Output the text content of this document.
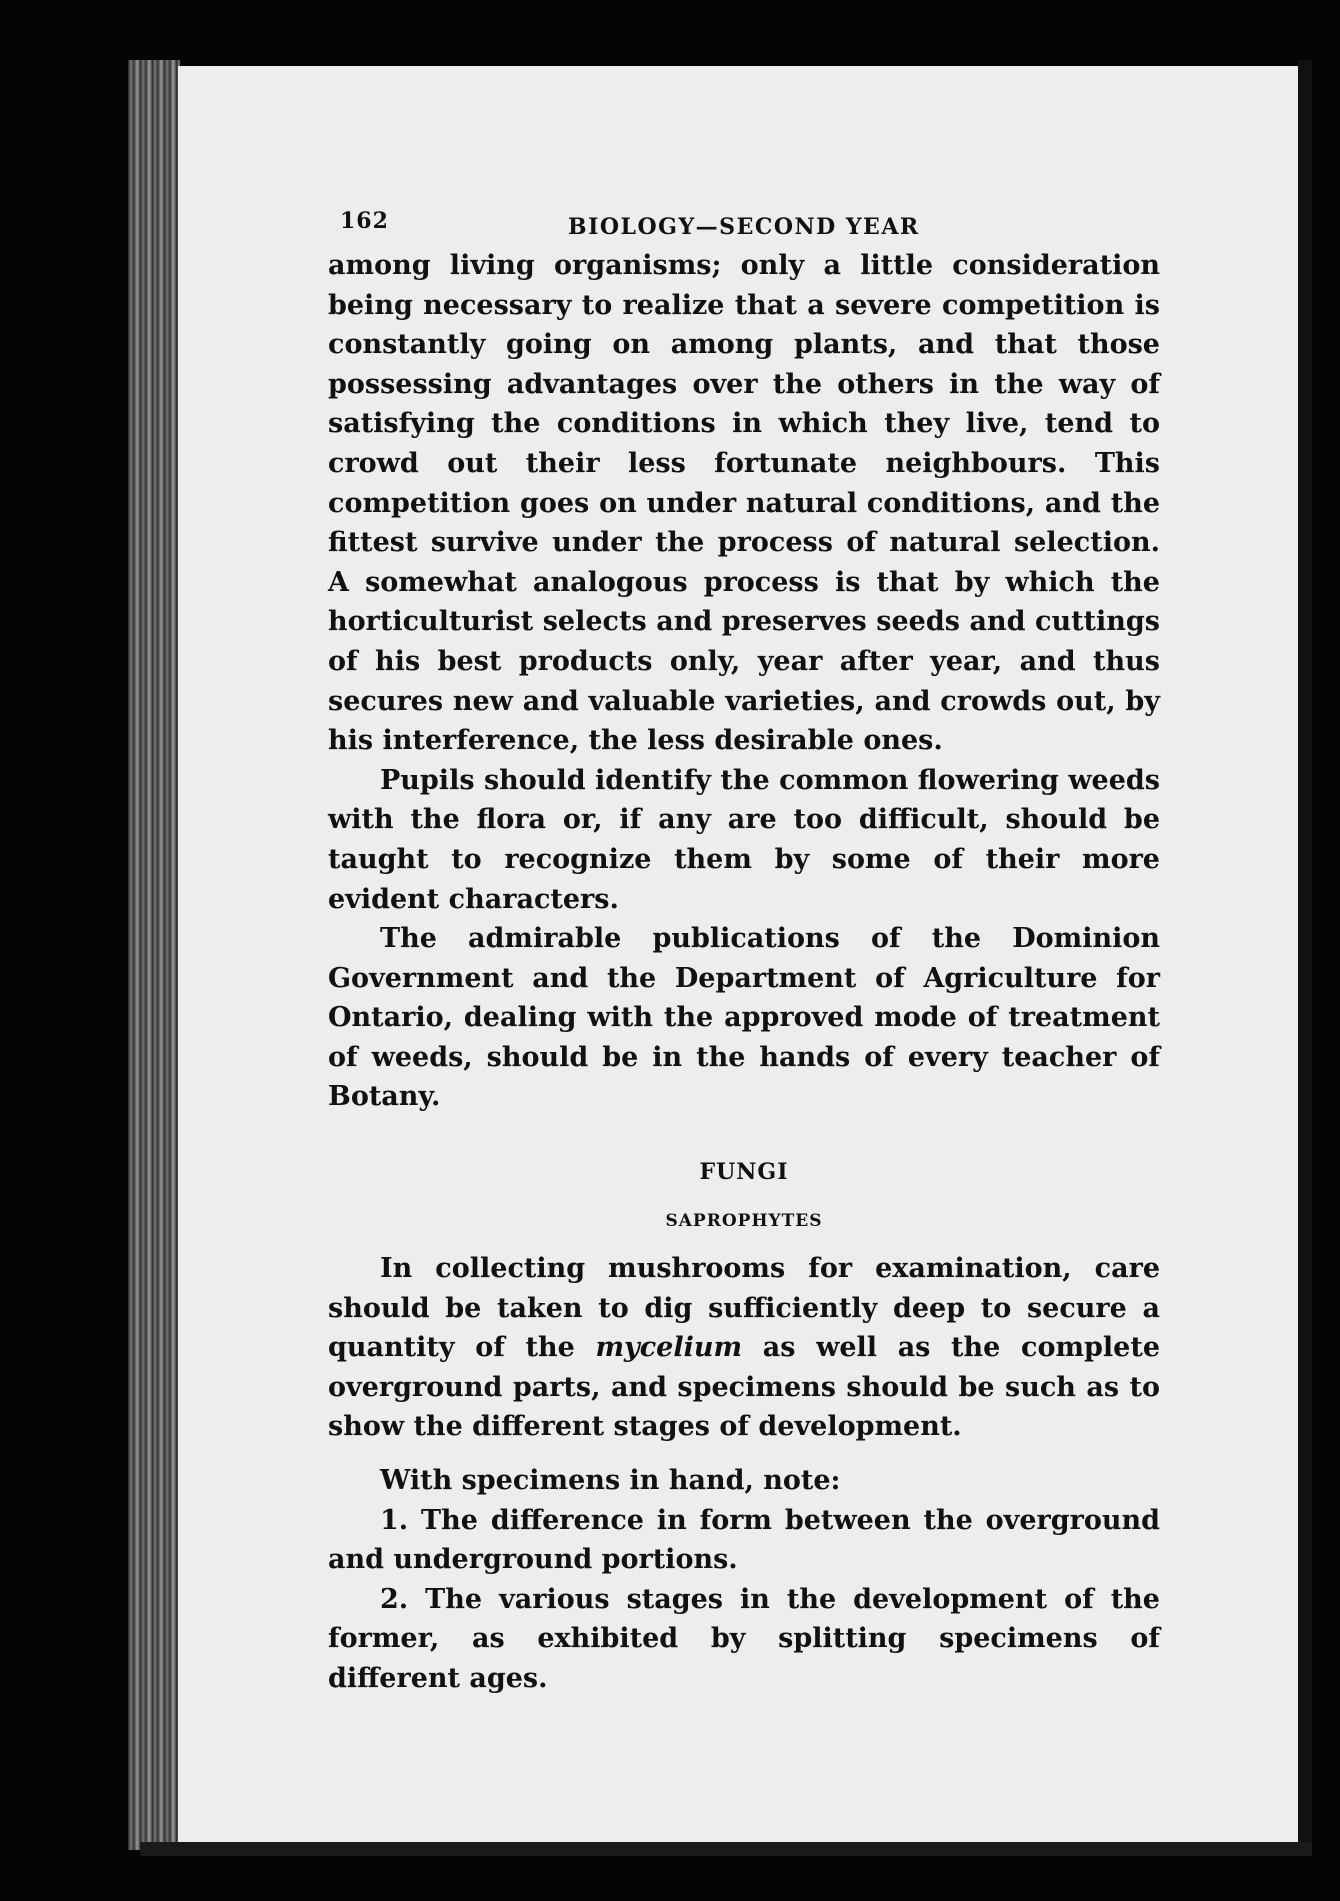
162	BIOLOGY—SECOND YEAR

among living organisms; only a little consideration being necessary to realize that a severe competition is constantly going on among plants, and that those possessing advantages over the others in the way of satisfying the conditions in which they live, tend to crowd out their less fortunate neighbours. This competition goes on under natural conditions, and the fittest survive under the process of natural selection. A somewhat analogous process is that by which the horticulturist selects and preserves seeds and cuttings of his best products only, year after year, and thus secures new and valuable varieties, and crowds out, by his interference, the less desirable ones.

Pupils should identify the common flowering weeds with the flora or, if any are too difficult, should be taught to recognize them by some of their more evident characters.

The admirable publications of the Dominion Government and the Department of Agriculture for Ontario, dealing with the approved mode of treatment of weeds, should be in the hands of every teacher of Botany.

FUNGI
SAPROPHYTES

In collecting mushrooms for examination, care should be taken to dig sufficiently deep to secure a quantity of the mycelium as well as the complete overground parts, and specimens should be such as to show the different stages of development.

With specimens in hand, note:

1. The difference in form between the overground and underground portions.

2. The various stages in the development of the former, as exhibited by splitting specimens of different ages.
